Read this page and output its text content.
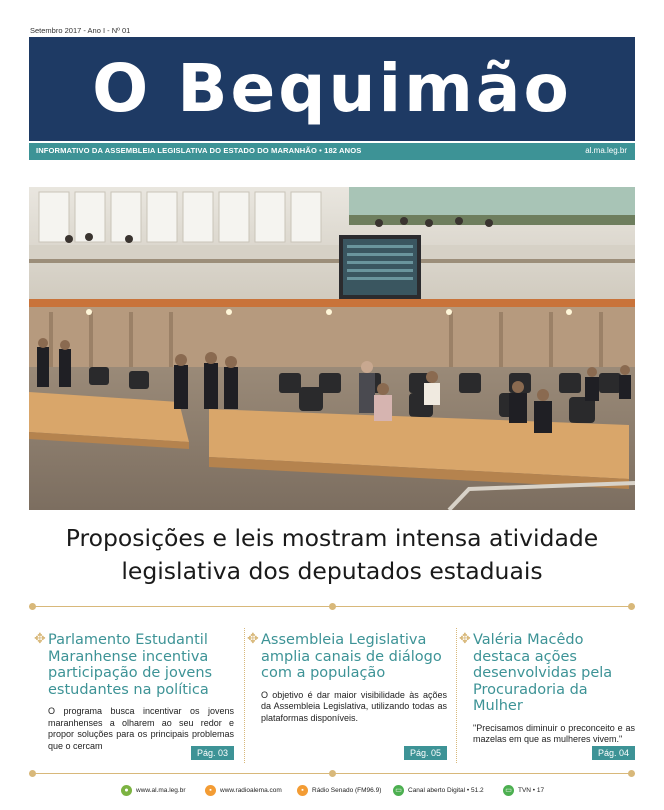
Setembro 2017 - Ano I - Nº 01
O Bequimão
INFORMATIVO DA ASSEMBLEIA LEGISLATIVA DO ESTADO DO MARANHÃO • 182 ANOS	al.ma.leg.br
Proposições e leis mostram intensa atividade
legislativa dos deputados estaduais
✥ Parlamento Estudantil Maranhense incentiva participação de jovens estudantes na política

O programa busca incentivar os jovens maranhenses a olharem ao seu redor e propor soluções para os principais problemas que o cercam

Pág. 03
✥ Assembleia Legislativa amplia canais de diálogo com a população

O objetivo é dar maior visibilidade às ações da Assembleia Legislativa, utilizando todas as plataformas disponíveis.

Pág. 05
✥ Valéria Macêdo destaca ações desenvolvidas pela Procuradoria da Mulher

"Precisamos diminuir o preconceito e as mazelas em que as mulheres vivem."

Pág. 04
● www.al.ma.leg.br	▪ www.radioalema.com	▪ Rádio Senado (FM96.9)	▭ Canal aberto Digital • 51.2	▭ TVN • 17
